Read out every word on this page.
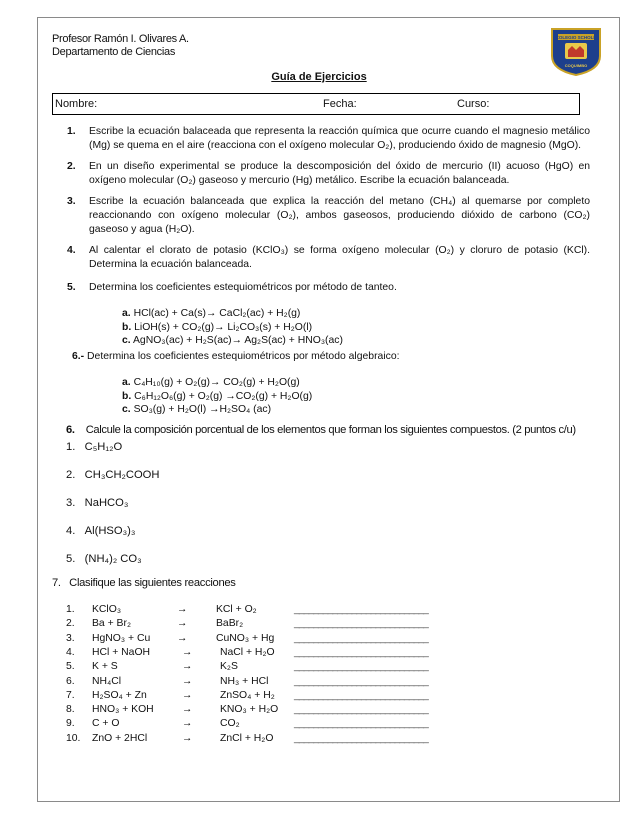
Profesor Ramón I. Olivares A.
Departamento de Ciencias
COLEGIO SCHOLE
COQUIMBO
Guía de Ejercicios
Nombre:	Fecha:	Curso:
1. Escribe la ecuación balaceada que representa la reacción química que ocurre cuando el magnesio metálico (Mg) se quema en el aire (reacciona con el oxígeno molecular O₂), produciendo óxido de magnesio (MgO).
2. En un diseño experimental se produce la descomposición del óxido de mercurio (II) acuoso (HgO) en oxígeno molecular (O₂) gaseoso y mercurio (Hg) metálico. Escribe la ecuación balanceada.
3. Escribe la ecuación balanceada que explica la reacción del metano (CH₄) al quemarse por completo reaccionando con oxígeno molecular (O₂), ambos gaseosos, produciendo dióxido de carbono (CO₂) gaseoso y agua (H₂O).
4. Al calentar el clorato de potasio (KClO₃) se forma oxígeno molecular (O₂) y cloruro de potasio (KCl). Determina la ecuación balanceada.
5. Determina los coeficientes estequiométricos por método de tanteo.
a. HCl(ac) + Ca(s)→ CaCl₂(ac) + H₂(g)
b. LiOH(s) + CO₂(g)→ Li₂CO₃(s) + H₂O(l)
c. AgNO₃(ac) + H₂S(ac)→ Ag₂S(ac) + HNO₃(ac)
6.- Determina los coeficientes estequiométricos por método algebraico:
a. C₄H₁₀(g) + O₂(g)→ CO₂(g) + H₂O(g)
b. C₆H₁₂O₆(g) + O₂(g) →CO₂(g) + H₂O(g)
c. SO₃(g) + H₂O(l) →H₂SO₄ (ac)
6. Calcule la composición porcentual de los elementos que forman los siguientes compuestos. (2 puntos c/u)
1. C₅H₁₂O
2. CH₃CH₂COOH
3. NaHCO₃
4. Al(HSO₃)₃
5. (NH₄)₂ CO₃
7. Clasifique las siguientes reacciones
1. KClO₃	→	KCl + O₂	____________________________
2. Ba + Br₂	→	BaBr₂	____________________________
3. HgNO₃ + Cu	→	CuNO₃ + Hg ____________________________
4. HCl + NaOH	→	NaCl + H₂O ____________________________
5. K + S	→	K₂S	____________________________
6. NH₄Cl	→	NH₃ + HCl ____________________________
7. H₂SO₄ + Zn	→	ZnSO₄ + H₂ ____________________________
8. HNO₃ + KOH	→	KNO₃ + H₂O ____________________________
9. C + O	→	CO₂	____________________________
10. ZnO + 2HCl	→	ZnCl + H₂O ____________________________
